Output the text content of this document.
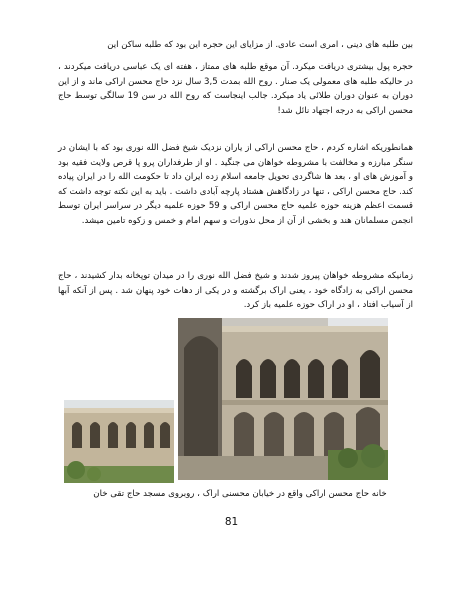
بین طلبه های دینی ، امری است عادی. از مزایای این حجره این بود که طلبه ساکن این

حجره پول بیشتری دریافت میکرد. آن موقع طلبه های ممتاز ، هفته ای یک عباسی دریافت میکردند ، در حالیکه طلبه های معمولی یک صنار . روح الله بمدت 3,5 سال نزد حاج محسن اراکی ماند و از این دوران به عنوان دوران طلائی یاد میکرد. جالب اینجاست که روح الله در سن 19 سالگی توسط حاج محسن اراکی به درجه اجتهاد نائل شد!

همانطوریکه اشاره کردم ، حاج محسن اراکی از یاران نزدیک شیخ فضل الله نوری بود که با ایشان در سنگر مبارزه و مخالفت با مشروطه خواهان می جنگید . او از طرفداران پرو پا قرص ولایت فقیه بود و آموزش های او ، بعد ها شاگردی تحویل جامعه اسلام زده ایران داد تا حکومت الله را در ایران پیاده کند. حاج محسن اراکی ، تنها در زادگاهش هشتاد پارچه آبادی داشت . باید به این نکته توجه داشت که قسمت اعظم هزینه حوزه علمیه حاج محسن اراکی و 59 حوزه علمیه دیگر در سراسر ایران توسط انجمن مسلمانان هند و بخشی از آن از محل نذورات و سهم امام و خمس و زکوه تامین میشد.

زمانیکه مشروطه خواهان پیروز شدند و شیخ فضل الله نوری را در میدان توپخانه بدار کشیدند ، حاج محسن اراکی به زادگاه خود ، یعنی اراک برگشته و در یکی از دهات خود پنهان شد . پس از آنکه آبها از آسیاب افتاد ، او در اراک حوزه علمیه باز کرد.

خانه حاج محسن اراکی واقع در خیابان محسنی اراک ، روبروی مسجد حاج تقی خان
81
